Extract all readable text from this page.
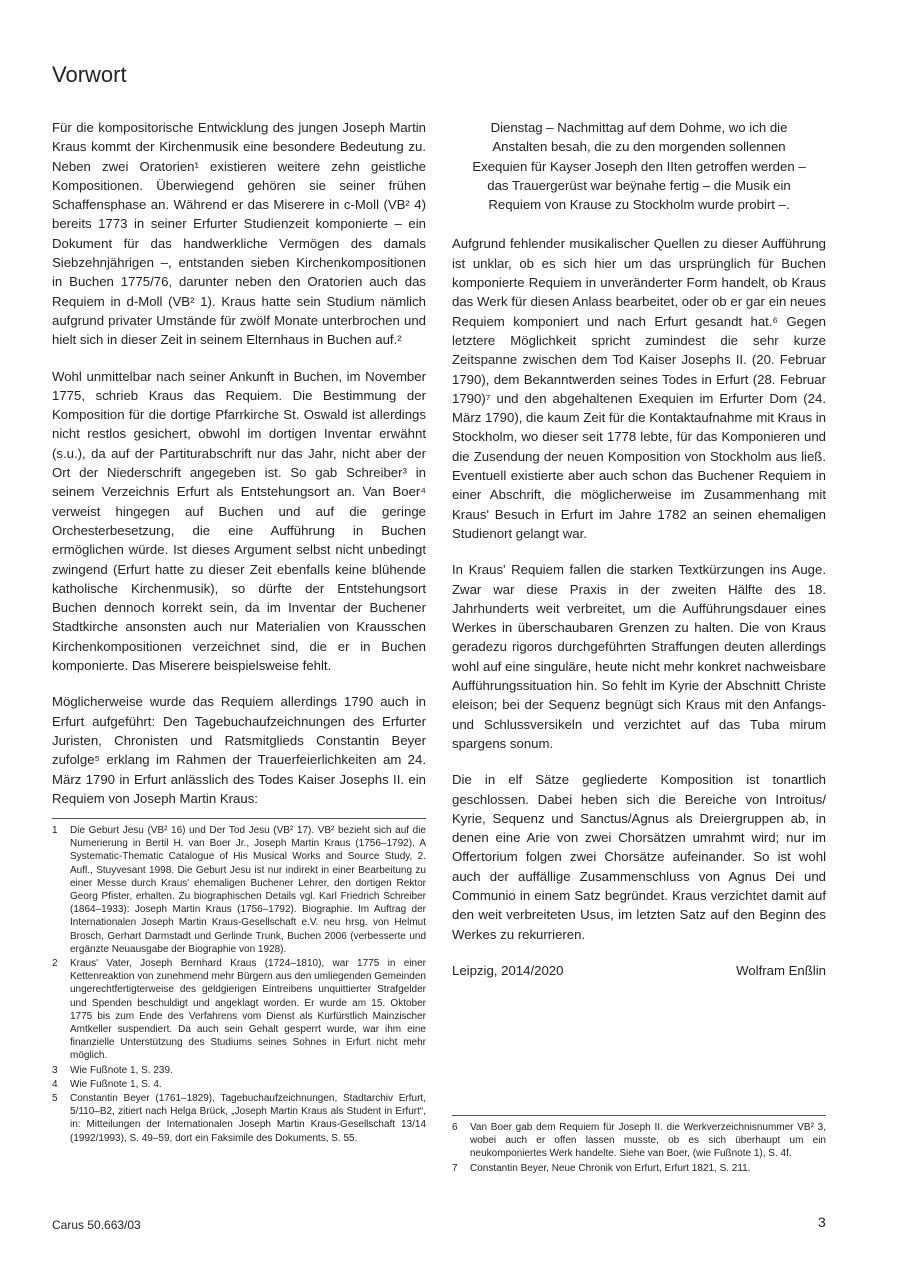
Vorwort

Für die kompositorische Entwicklung des jungen Joseph Martin Kraus kommt der Kirchenmusik eine besondere Bedeutung zu. Neben zwei Oratorien¹ existieren weitere zehn geistliche Kompositionen. Überwiegend gehören sie seiner frühen Schaffensphase an. Während er das Miserere in c-Moll (VB² 4) bereits 1773 in seiner Erfurter Studienzeit komponierte – ein Dokument für das handwerkliche Vermögen des damals Siebzehnjährigen –, entstanden sieben Kirchenkompositionen in Buchen 1775/76, darunter neben den Oratorien auch das Requiem in d-Moll (VB² 1). Kraus hatte sein Studium nämlich aufgrund privater Umstände für zwölf Monate unterbrochen und hielt sich in dieser Zeit in seinem Elternhaus in Buchen auf.²

Wohl unmittelbar nach seiner Ankunft in Buchen, im November 1775, schrieb Kraus das Requiem. Die Bestimmung der Komposition für die dortige Pfarrkirche St. Oswald ist allerdings nicht restlos gesichert, obwohl im dortigen Inventar erwähnt (s.u.), da auf der Partiturabschrift nur das Jahr, nicht aber der Ort der Niederschrift angegeben ist. So gab Schreiber³ in seinem Verzeichnis Erfurt als Entstehungsort an. Van Boer⁴ verweist hingegen auf Buchen und auf die geringe Orchesterbesetzung, die eine Aufführung in Buchen ermöglichen würde. Ist dieses Argument selbst nicht unbedingt zwingend (Erfurt hatte zu dieser Zeit ebenfalls keine blühende katholische Kirchenmusik), so dürfte der Entstehungsort Buchen dennoch korrekt sein, da im Inventar der Buchener Stadtkirche ansonsten auch nur Materialien von Krausschen Kirchenkompositionen verzeichnet sind, die er in Buchen komponierte. Das Miserere beispielsweise fehlt.

Möglicherweise wurde das Requiem allerdings 1790 auch in Erfurt aufgeführt: Den Tagebuchaufzeichnungen des Erfurter Juristen, Chronisten und Ratsmitglieds Constantin Beyer zufolge⁵ erklang im Rahmen der Trauerfeierlichkeiten am 24. März 1790 in Erfurt anlässlich des Todes Kaiser Josephs II. ein Requiem von Joseph Martin Kraus:

Dienstag – Nachmittag auf dem Dohme, wo ich die Anstalten besah, die zu den morgenden sollennen Exequien für Kayser Joseph den IIten getroffen werden – das Trauergerüst war beÿnahe fertig – die Musik ein Requiem von Krause zu Stockholm wurde probirt –.

Aufgrund fehlender musikalischer Quellen zu dieser Aufführung ist unklar, ob es sich hier um das ursprünglich für Buchen komponierte Requiem in unveränderter Form handelt, ob Kraus das Werk für diesen Anlass bearbeitet, oder ob er gar ein neues Requiem komponiert und nach Erfurt gesandt hat.⁶ Gegen letztere Möglichkeit spricht zumindest die sehr kurze Zeitspanne zwischen dem Tod Kaiser Josephs II. (20. Februar 1790), dem Bekanntwerden seines Todes in Erfurt (28. Februar 1790)⁷ und den abgehaltenen Exequien im Erfurter Dom (24. März 1790), die kaum Zeit für die Kontaktaufnahme mit Kraus in Stockholm, wo dieser seit 1778 lebte, für das Komponieren und die Zusendung der neuen Komposition von Stockholm aus ließ. Eventuell existierte aber auch schon das Buchener Requiem in einer Abschrift, die möglicherweise im Zusammenhang mit Kraus' Besuch in Erfurt im Jahre 1782 an seinen ehemaligen Studienort gelangt war.

In Kraus' Requiem fallen die starken Textkürzungen ins Auge. Zwar war diese Praxis in der zweiten Hälfte des 18. Jahrhunderts weit verbreitet, um die Aufführungsdauer eines Werkes in überschaubaren Grenzen zu halten. Die von Kraus geradezu rigoros durchgeführten Straffungen deuten allerdings wohl auf eine singuläre, heute nicht mehr konkret nachweisbare Aufführungssituation hin. So fehlt im Kyrie der Abschnitt Christe eleison; bei der Sequenz begnügt sich Kraus mit den Anfangs- und Schlussversikeln und verzichtet auf das Tuba mirum spargens sonum.

Die in elf Sätze gegliederte Komposition ist tonartlich geschlossen. Dabei heben sich die Bereiche von Introitus/ Kyrie, Sequenz und Sanctus/Agnus als Dreiergruppen ab, in denen eine Arie von zwei Chorsätzen umrahmt wird; nur im Offertorium folgen zwei Chorsätze aufeinander. So ist wohl auch der auffällige Zusammenschluss von Agnus Dei und Communio in einem Satz begründet. Kraus verzichtet damit auf den weit verbreiteten Usus, im letzten Satz auf den Beginn des Werkes zu rekurrieren.

Leipzig, 2014/2020	Wolfram Enßlin
1	Die Geburt Jesu (VB² 16) und Der Tod Jesu (VB² 17). VB² bezieht sich auf die Numerierung in Bertil H. van Boer Jr., Joseph Martin Kraus (1756–1792). A Systematic-Thematic Catalogue of His Musical Works and Source Study, 2. Aufl., Stuyvesant 1998. Die Geburt Jesu ist nur indirekt in einer Bearbeitung zu einer Messe durch Kraus' ehemaligen Buchener Lehrer, den dortigen Rektor Georg Pfister, erhalten. Zu biographischen Details vgl. Karl Friedrich Schreiber (1864–1933): Joseph Martin Kraus (1756–1792). Biographie. Im Auftrag der Internationalen Joseph Martin Kraus-Gesellschaft e.V. neu hrsg. von Helmut Brosch, Gerhart Darmstadt und Gerlinde Trunk, Buchen 2006 (verbesserte und ergänzte Neuausgabe der Biographie von 1928).
2	Kraus' Vater, Joseph Bernhard Kraus (1724–1810), war 1775 in einer Kettenreaktion von zunehmend mehr Bürgern aus den umliegenden Gemeinden ungerechtfertigterweise des geldgierigen Eintreibens unquittierter Strafgelder und Spenden beschuldigt und angeklagt worden. Er wurde am 15. Oktober 1775 bis zum Ende des Verfahrens vom Dienst als Kurfürstlich Mainzischer Amtkeller suspendiert. Da auch sein Gehalt gesperrt wurde, war ihm eine finanzielle Unterstützung des Studiums seines Sohnes in Erfurt nicht mehr möglich.
3	Wie Fußnote 1, S. 239.
4	Wie Fußnote 1, S. 4.
5	Constantin Beyer (1761–1829), Tagebuchaufzeichnungen, Stadtarchiv Erfurt, 5/110–B2, zitiert nach Helga Brück, „Joseph Martin Kraus als Student in Erfurt“, in: Mitteilungen der Internationalen Joseph Martin Kraus-Gesellschaft 13/14 (1992/1993), S. 49–59, dort ein Faksimile des Dokuments, S. 55.
6	Van Boer gab dem Requiem für Joseph II. die Werkverzeichnisnummer VB² 3, wobei auch er offen lassen musste, ob es sich überhaupt um ein neukomponiertes Werk handelte. Siehe van Boer, (wie Fußnote 1), S. 4f.
7	Constantin Beyer, Neue Chronik von Erfurt, Erfurt 1821, S. 211.
Carus 50.663/03	3
